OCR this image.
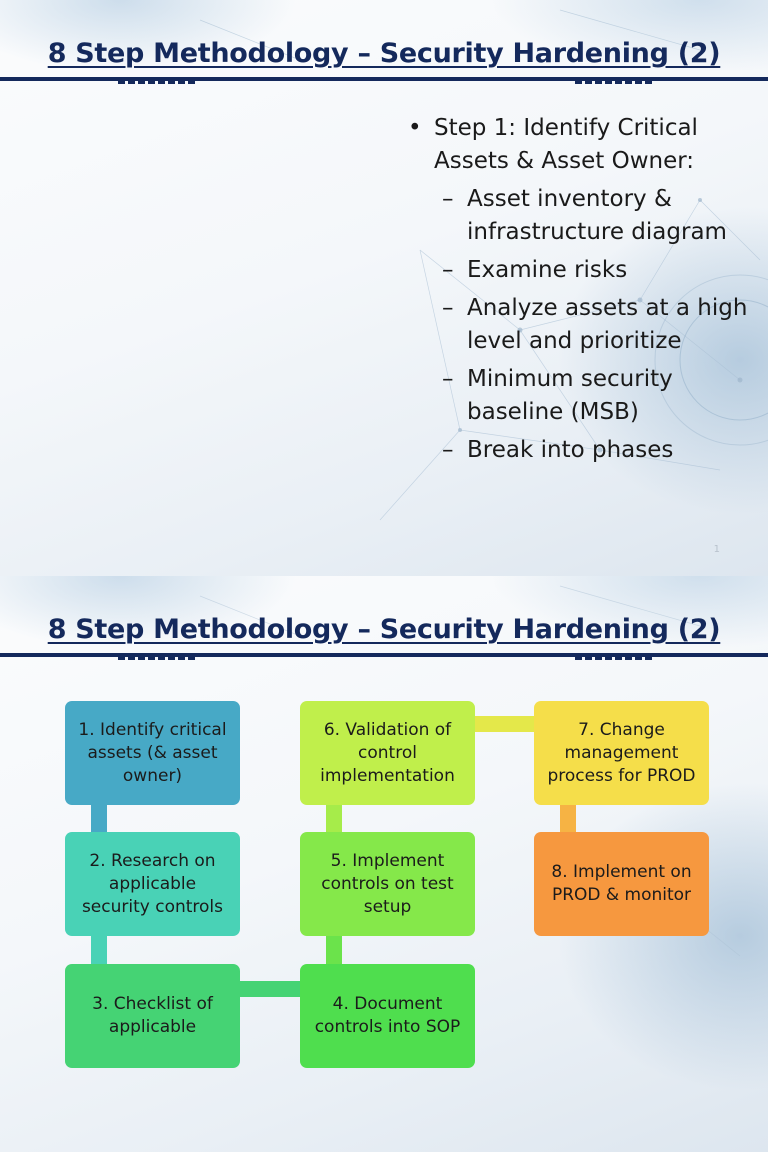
8 Step Methodology – Security Hardening (2)
• Step 1: Identify Critical Assets & Asset Owner:
– Asset inventory & infrastructure diagram
– Examine risks
– Analyze assets at a high level and prioritize
– Minimum security baseline (MSB)
– Break into phases
1
8 Step Methodology – Security Hardening (2)
1. Identify critical assets (& asset owner)
2. Research on applicable security controls
3. Checklist of applicable
4. Document controls into SOP
5. Implement controls on test setup
6. Validation of control implementation
7. Change management process for PROD
8. Implement on PROD & monitor
